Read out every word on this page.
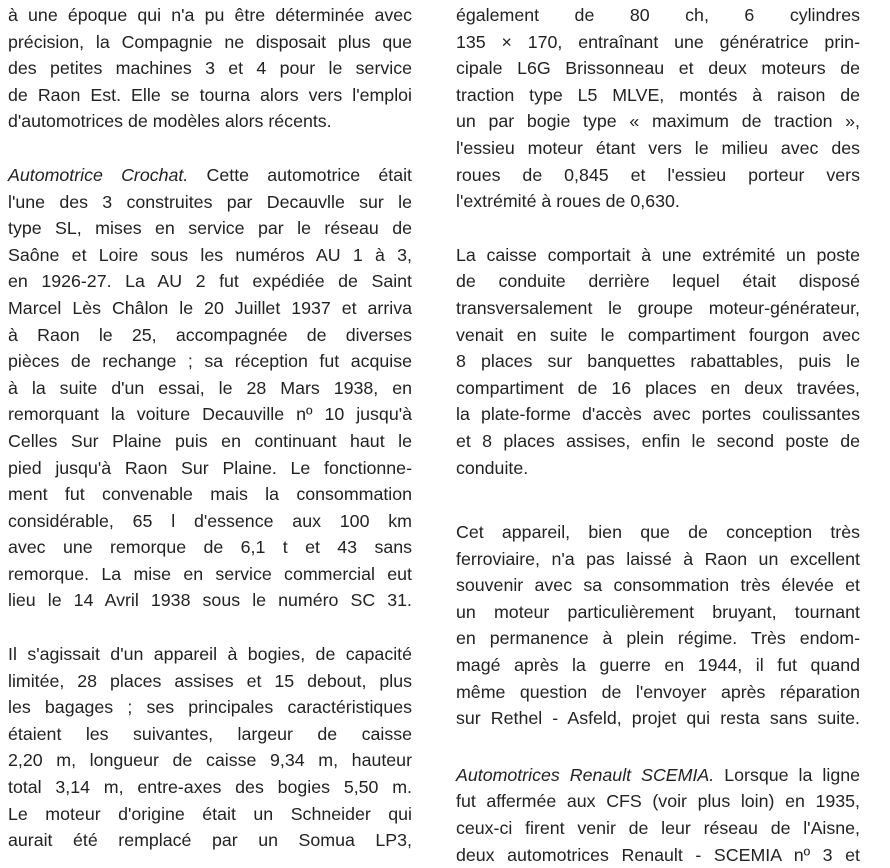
à une époque qui n'a pu être déterminée avec
précision, la Compagnie ne disposait plus que
des petites machines 3 et 4 pour le service
de Raon Est. Elle se tourna alors vers l'emploi
d'automotrices de modèles alors récents.
Automotrice Crochat. Cette automotrice était
l'une des 3 construites par Decauvlle sur le
type SL, mises en service par le réseau de
Saône et Loire sous les numéros AU 1 à 3,
en 1926-27. La AU 2 fut expédiée de Saint
Marcel Lès Châlon le 20 Juillet 1937 et arriva
à Raon le 25, accompagnée de diverses
pièces de rechange ; sa réception fut acquise
à la suite d'un essai, le 28 Mars 1938, en
remorquant la voiture Decauville nº 10 jusqu'à
Celles Sur Plaine puis en continuant haut le
pied jusqu'à Raon Sur Plaine. Le fonctionne-
ment fut convenable mais la consommation
considérable, 65 l d'essence aux 100 km
avec une remorque de 6,1 t et 43 sans
remorque. La mise en service commercial eut
lieu le 14 Avril 1938 sous le numéro SC 31.
Il s'agissait d'un appareil à bogies, de capacité
limitée, 28 places assises et 15 debout, plus
les bagages ; ses principales caractéristiques
étaient les suivantes, largeur de caisse
2,20 m, longueur de caisse 9,34 m, hauteur
total 3,14 m, entre-axes des bogies 5,50 m.
Le moteur d'origine était un Schneider qui
aurait été remplacé par un Somua LP3,
également de 80 ch, 6 cylindres
135 × 170, entraînant une génératrice prin-
cipale L6G Brissonneau et deux moteurs de
traction type L5 MLVE, montés à raison de
un par bogie type « maximum de traction »,
l'essieu moteur étant vers le milieu avec des
roues de 0,845 et l'essieu porteur vers
l'extrémité à roues de 0,630.
La caisse comportait à une extrémité un poste
de conduite derrière lequel était disposé
transversalement le groupe moteur-générateur,
venait en suite le compartiment fourgon avec
8 places sur banquettes rabattables, puis le
compartiment de 16 places en deux travées,
la plate-forme d'accès avec portes coulissantes
et 8 places assises, enfin le second poste de
conduite.
Cet appareil, bien que de conception très
ferroviaire, n'a pas laissé à Raon un excellent
souvenir avec sa consommation très élevée et
un moteur particulièrement bruyant, tournant
en permanence à plein régime. Très endom-
magé après la guerre en 1944, il fut quand
même question de l'envoyer après réparation
sur Rethel - Asfeld, projet qui resta sans suite.
Automotrices Renault SCEMIA. Lorsque la ligne
fut affermée aux CFS (voir plus loin) en 1935,
ceux-ci firent venir de leur réseau de l'Aisne,
deux automotrices Renault - SCEMIA nº 3 et
